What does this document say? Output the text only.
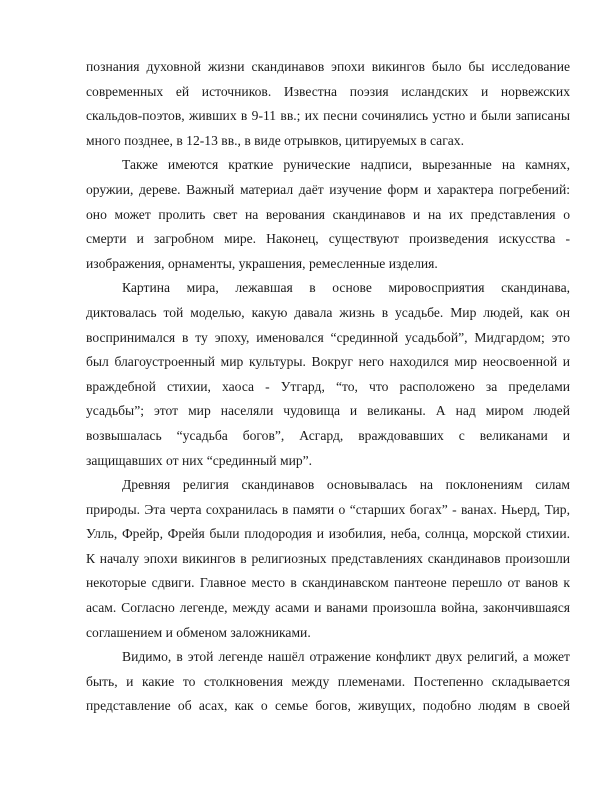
познания духовной жизни скандинавов эпохи викингов было бы исследование
современных ей источников. Известна поэзия исландских и норвежских
скальдов-поэтов, живших в 9-11 вв.; их песни сочинялись устно и были записаны
много позднее, в 12-13 вв., в виде отрывков, цитируемых в сагах.

Также имеются краткие рунические надписи, вырезанные на камнях,
оружии, дереве. Важный материал даёт изучение форм и характера погребений:
оно может пролить свет на верования скандинавов и на их представления о
смерти и загробном мире. Наконец, существуют произведения искусства -
изображения, орнаменты, украшения, ремесленные изделия.

Картина мира, лежавшая в основе мировосприятия скандинава,
диктовалась той моделью, какую давала жизнь в усадьбе. Мир людей, как он
воспринимался в ту эпоху, именовался “срединной усадьбой”, Мидгардом; это
был благоустроенный мир культуры. Вокруг него находился мир неосвоенной и
враждебной стихии, хаоса - Утгард, “то, что расположено за пределами
усадьбы”; этот мир населяли чудовища и великаны. А над миром людей
возвышалась “усадьба богов”, Асгард, враждовавших с великанами и
защищавших от них “срединный мир”.

Древняя религия скандинавов основывалась на поклонениям силам
природы. Эта черта сохранилась в памяти о “старших богах” - ванах. Ньерд, Тир,
Улль, Фрейр, Фрейя были плодородия и изобилия, неба, солнца, морской стихии.
К началу эпохи викингов в религиозных представлениях скандинавов произошли
некоторые сдвиги. Главное место в скандинавском пантеоне перешло от ванов к
асам. Согласно легенде, между асами и ванами произошла война, закончившаяся
соглашением и обменом заложниками.

Видимо, в этой легенде нашёл отражение конфликт двух религий, а может
быть, и какие то столкновения между племенами. Постепенно складывается
представление об асах, как о семье богов, живущих, подобно людям в своей
